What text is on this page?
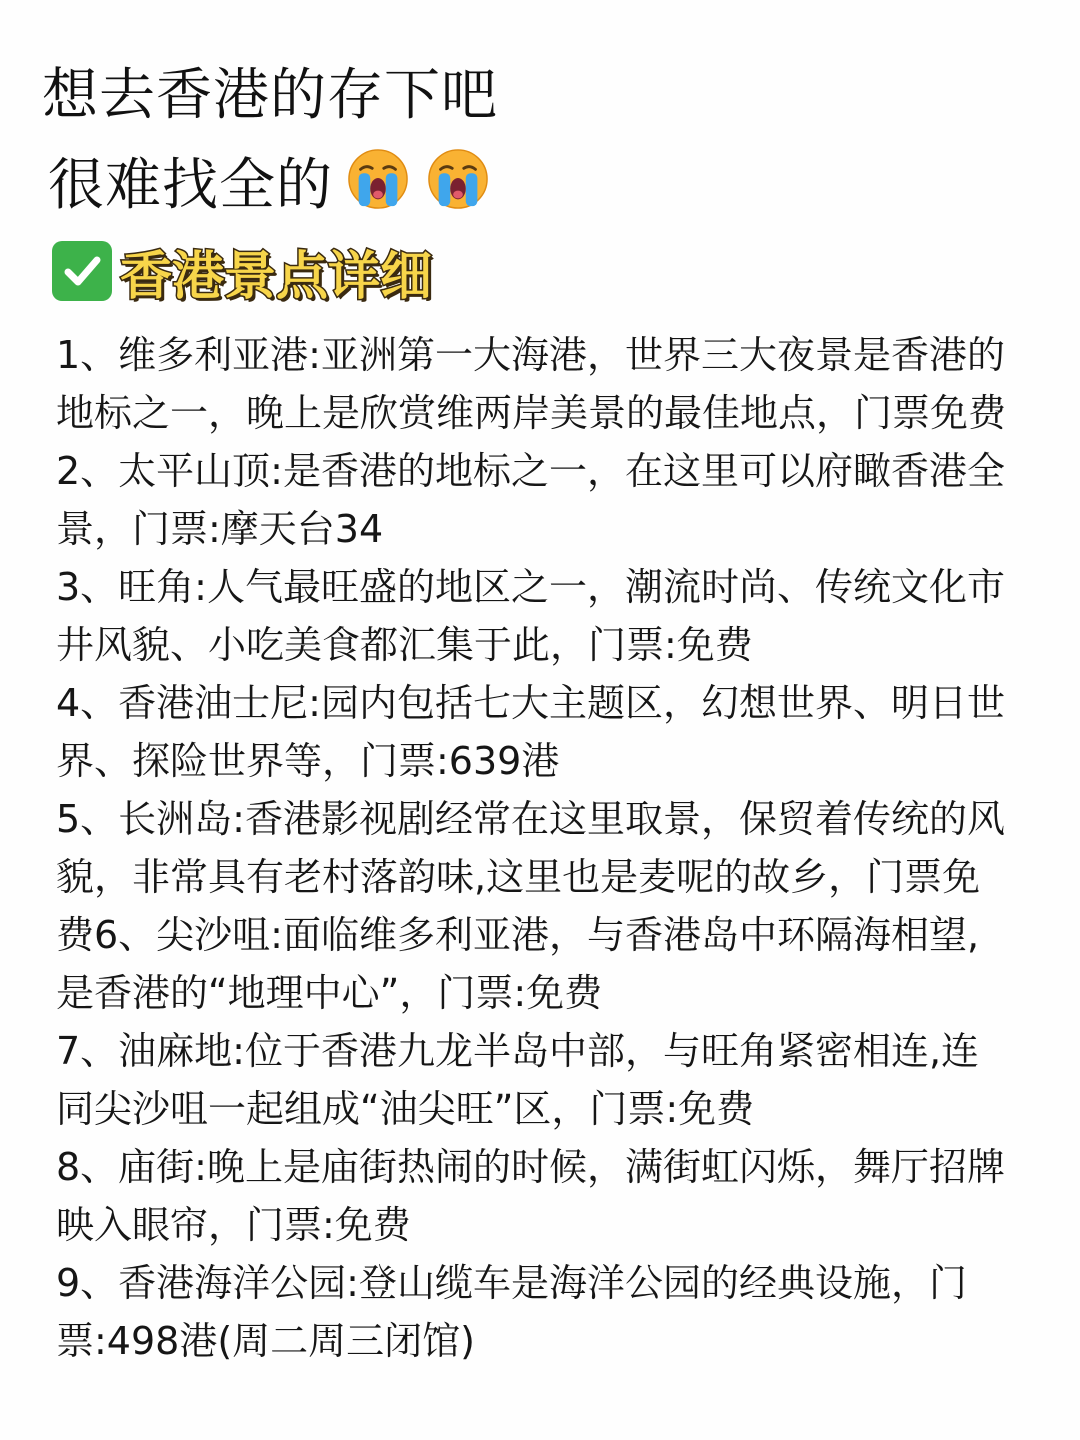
想去香港的存下吧
很难找全的
香港景点详细

1、维多利亚港:亚洲第一大海港，世界三大夜景是香港的地标之一，晚上是欣赏维两岸美景的最佳地点，门票免费

2、太平山顶:是香港的地标之一，在这里可以府瞰香港全景，门票:摩天台34

3、旺角:人气最旺盛的地区之一，潮流时尚、传统文化市井风貌、小吃美食都汇集于此，门票:免费

4、香港油士尼:园内包括七大主题区，幻想世界、明日世界、探险世界等，门票:639港

5、长洲岛:香港影视剧经常在这里取景，保贸着传统的风貌，非常具有老村落韵味,这里也是麦呢的故乡，门票免费6、尖沙咀:面临维多利亚港，与香港岛中环隔海相望,是香港的“地理中心”，门票:免费

7、油麻地:位于香港九龙半岛中部，与旺角紧密相连,连同尖沙咀一起组成“油尖旺”区，门票:免费

8、庙街:晚上是庙街热闹的时候，满街虹闪烁，舞厅招牌映入眼帘，门票:免费

9、香港海洋公园:登山缆车是海洋公园的经典设施，门票:498港(周二周三闭馆)
